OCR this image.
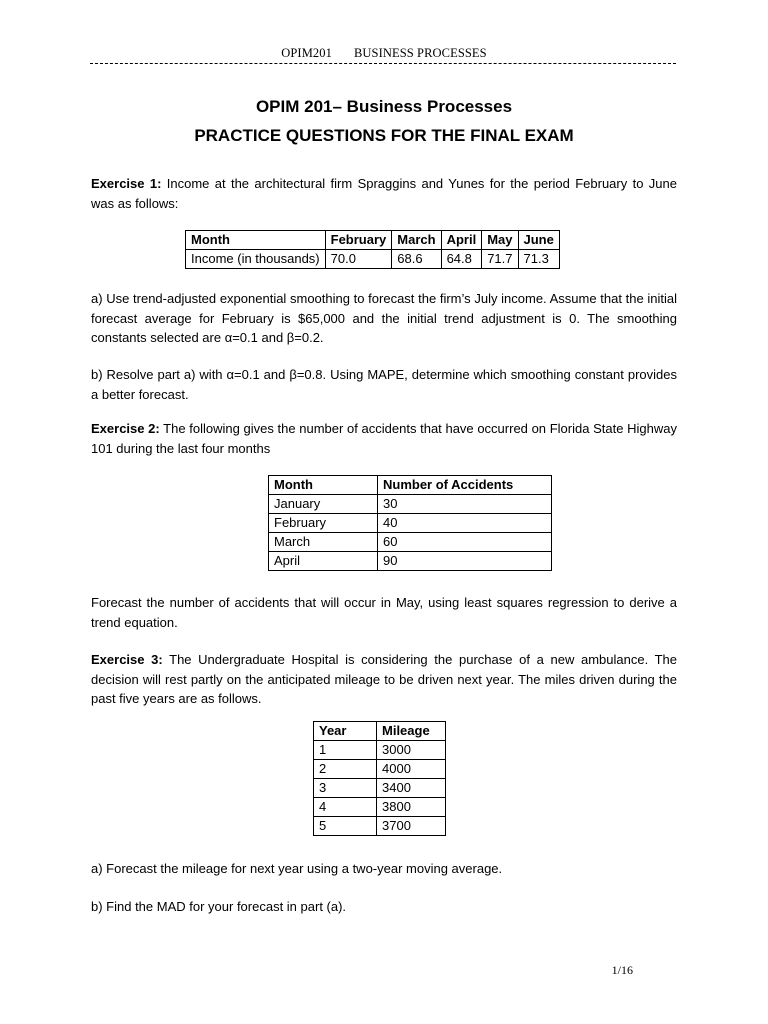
OPIM201 BUSINESS PROCESSES
OPIM 201– Business Processes
PRACTICE QUESTIONS FOR THE FINAL EXAM
Exercise 1: Income at the architectural firm Spraggins and Yunes for the period February to June was as follows:
Month	February	March	April	May	June
Income (in thousands)	70.0	68.6	64.8	71.7	71.3
a) Use trend-adjusted exponential smoothing to forecast the firm’s July income. Assume that the initial forecast average for February is $65,000 and the initial trend adjustment is 0. The smoothing constants selected are α=0.1 and β=0.2.
b) Resolve part a) with α=0.1 and β=0.8. Using MAPE, determine which smoothing constant provides a better forecast.
Exercise 2: The following gives the number of accidents that have occurred on Florida State Highway 101 during the last four months
Month	Number of Accidents
January	30
February	40
March	60
April	90
Forecast the number of accidents that will occur in May, using least squares regression to derive a trend equation.
Exercise 3: The Undergraduate Hospital is considering the purchase of a new ambulance. The decision will rest partly on the anticipated mileage to be driven next year. The miles driven during the past five years are as follows.
Year	Mileage
1	3000
2	4000
3	3400
4	3800
5	3700
a) Forecast the mileage for next year using a two-year moving average.
b) Find the MAD for your forecast in part (a).
1/16
